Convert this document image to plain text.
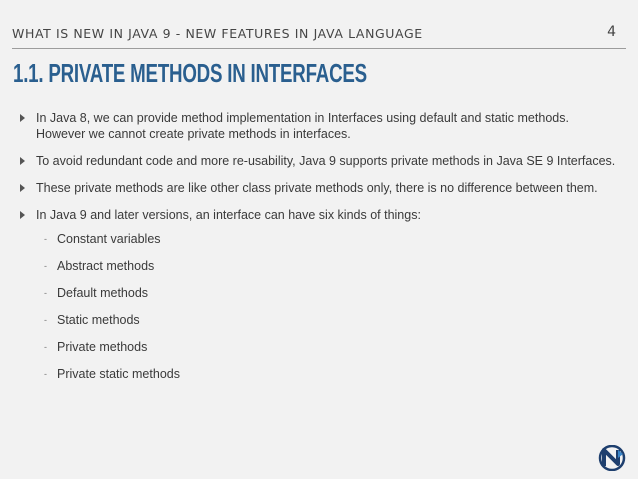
WHAT IS NEW IN JAVA 9 - NEW FEATURES IN JAVA LANGUAGE	4
1.1. PRIVATE METHODS IN INTERFACES
In Java 8, we can provide method implementation in Interfaces using default and static methods. However we cannot create private methods in interfaces.
To avoid redundant code and more re-usability, Java 9 supports private methods in Java SE 9 Interfaces.
These private methods are like other class private methods only, there is no difference between them.
In Java 9 and later versions, an interface can have six kinds of things:
- Constant variables
- Abstract methods
- Default methods
- Static methods
- Private methods
- Private static methods
